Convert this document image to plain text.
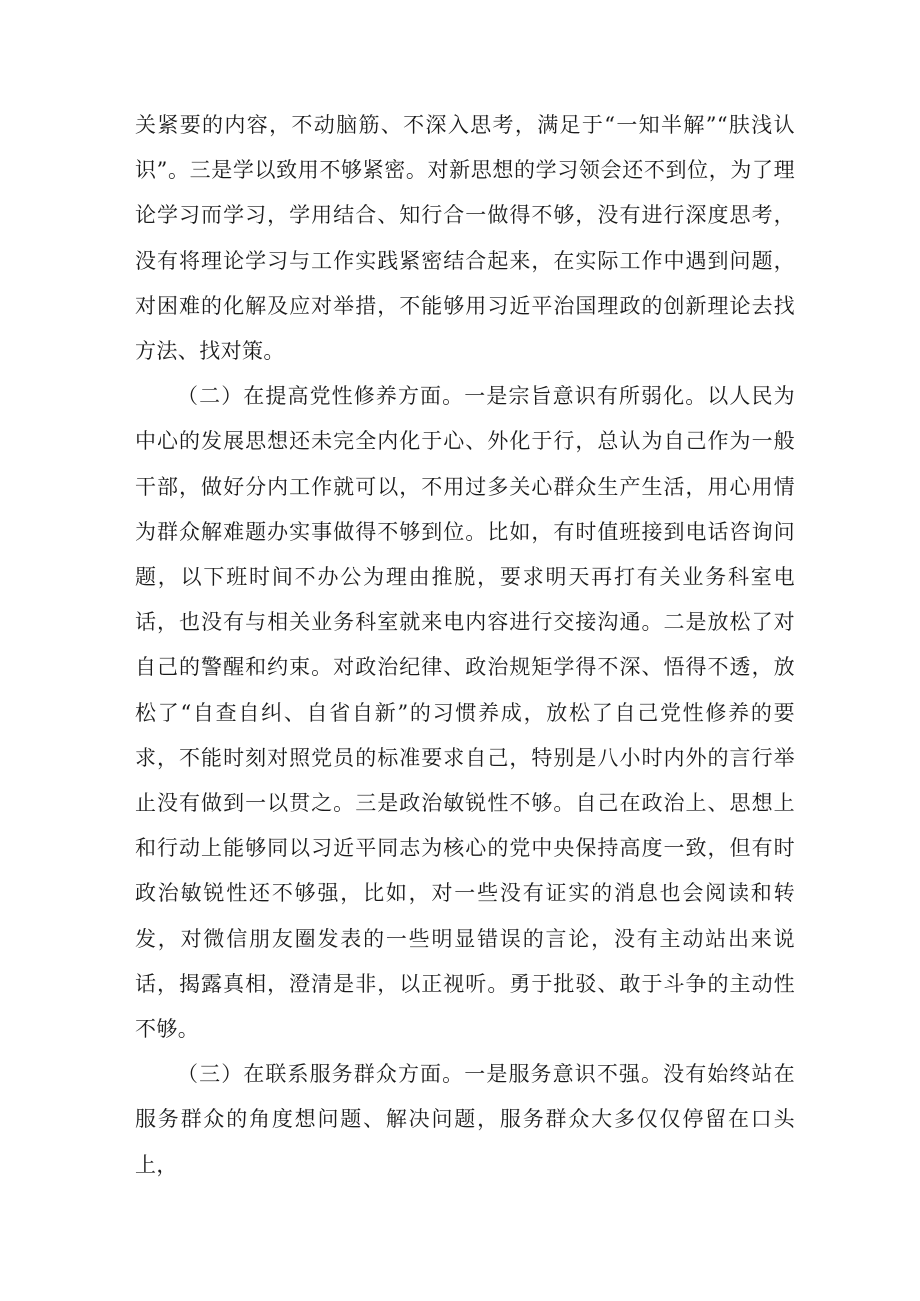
关紧要的内容，不动脑筋、不深入思考，满足于“一知半解”“肤浅认识”。三是学以致用不够紧密。对新思想的学习领会还不到位，为了理论学习而学习，学用结合、知行合一做得不够，没有进行深度思考，没有将理论学习与工作实践紧密结合起来，在实际工作中遇到问题，对困难的化解及应对举措，不能够用习近平治国理政的创新理论去找方法、找对策。

（二）在提高党性修养方面。一是宗旨意识有所弱化。以人民为中心的发展思想还未完全内化于心、外化于行，总认为自己作为一般干部，做好分内工作就可以，不用过多关心群众生产生活，用心用情为群众解难题办实事做得不够到位。比如，有时值班接到电话咨询问题，以下班时间不办公为理由推脱，要求明天再打有关业务科室电话，也没有与相关业务科室就来电内容进行交接沟通。二是放松了对自己的警醒和约束。对政治纪律、政治规矩学得不深、悟得不透，放松了“自查自纠、自省自新”的习惯养成，放松了自己党性修养的要求，不能时刻对照党员的标准要求自己，特别是八小时内外的言行举止没有做到一以贯之。三是政治敏锐性不够。自己在政治上、思想上和行动上能够同以习近平同志为核心的党中央保持高度一致，但有时政治敏锐性还不够强，比如，对一些没有证实的消息也会阅读和转发，对微信朋友圈发表的一些明显错误的言论，没有主动站出来说话，揭露真相，澄清是非，以正视听。勇于批驳、敢于斗争的主动性不够。

（三）在联系服务群众方面。一是服务意识不强。没有始终站在服务群众的角度想问题、解决问题，服务群众大多仅仅停留在口头上，
